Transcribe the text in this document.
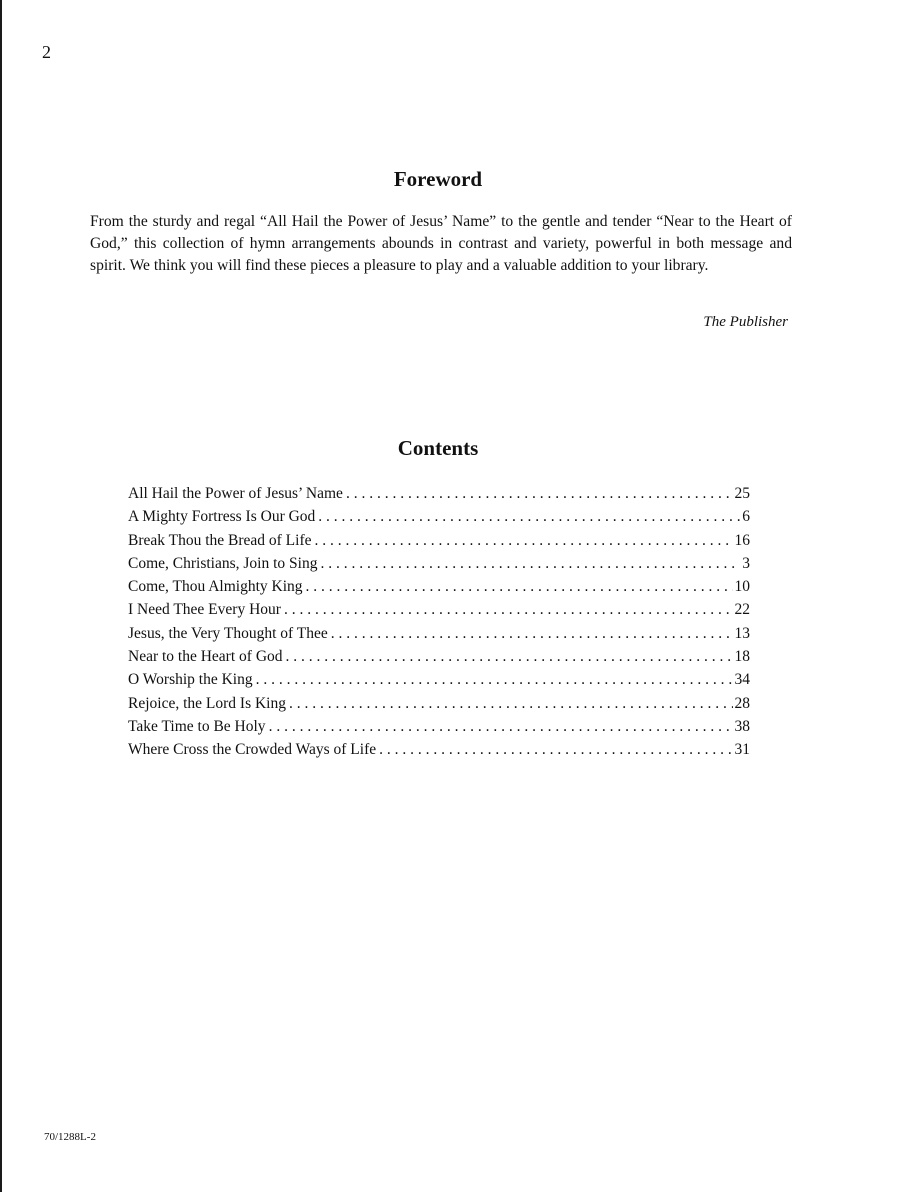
2
Foreword

From the sturdy and regal “All Hail the Power of Jesus’ Name” to the gentle and tender “Near to the Heart of God,” this collection of hymn arrangements abounds in contrast and variety, powerful in both message and spirit. We think you will find these pieces a pleasure to play and a valuable addition to your library.

The Publisher
Contents
All Hail the Power of Jesus’ Name . . .	25
A Mighty Fortress Is Our God . . .	6
Break Thou the Bread of Life . . .	16
Come, Christians, Join to Sing . . .	3
Come, Thou Almighty King . . .	10
I Need Thee Every Hour . . .	22
Jesus, the Very Thought of Thee . . .	13
Near to the Heart of God . . .	18
O Worship the King . . .	34
Rejoice, the Lord Is King . . .	28
Take Time to Be Holy . . .	38
Where Cross the Crowded Ways of Life . . .	31
70/1288L-2
